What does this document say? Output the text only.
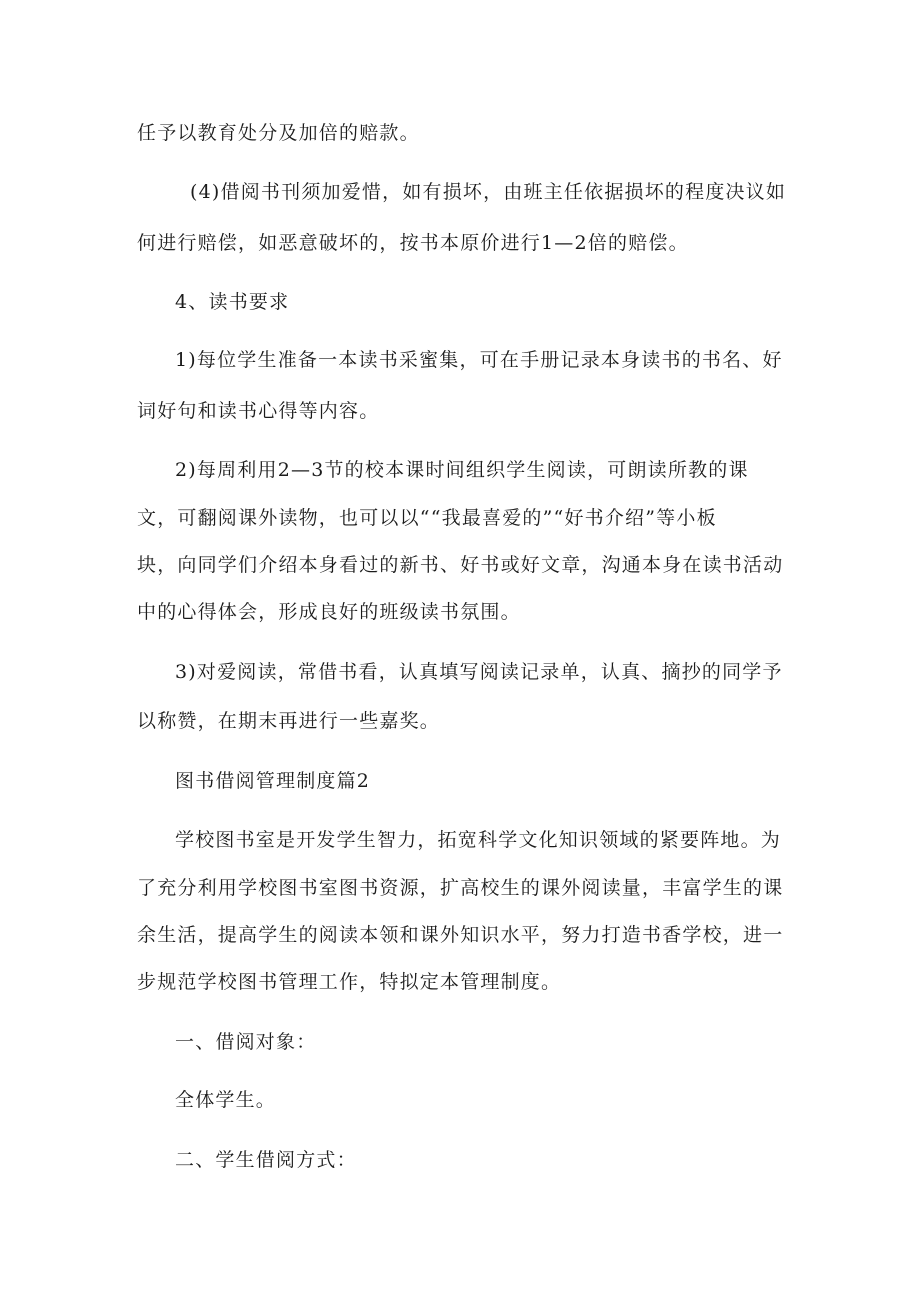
任予以教育处分及加倍的赔款。
(4)借阅书刊须加爱惜，如有损坏，由班主任依据损坏的程度决议如
何进行赔偿，如恶意破坏的，按书本原价进行1—2倍的赔偿。
4、读书要求
1)每位学生准备一本读书采蜜集，可在手册记录本身读书的书名、好
词好句和读书心得等内容。
2)每周利用2—3节的校本课时间组织学生阅读，可朗读所教的课
文，可翻阅课外读物，也可以以““我最喜爱的”“好书介绍”等小板
块，向同学们介绍本身看过的新书、好书或好文章，沟通本身在读书活动
中的心得体会，形成良好的班级读书氛围。
3)对爱阅读，常借书看，认真填写阅读记录单，认真、摘抄的同学予
以称赞，在期末再进行一些嘉奖。
图书借阅管理制度篇2
学校图书室是开发学生智力，拓宽科学文化知识领域的紧要阵地。为
了充分利用学校图书室图书资源，扩高校生的课外阅读量，丰富学生的课
余生活，提高学生的阅读本领和课外知识水平，努力打造书香学校，进一
步规范学校图书管理工作，特拟定本管理制度。
一、借阅对象：
全体学生。
二、学生借阅方式：
